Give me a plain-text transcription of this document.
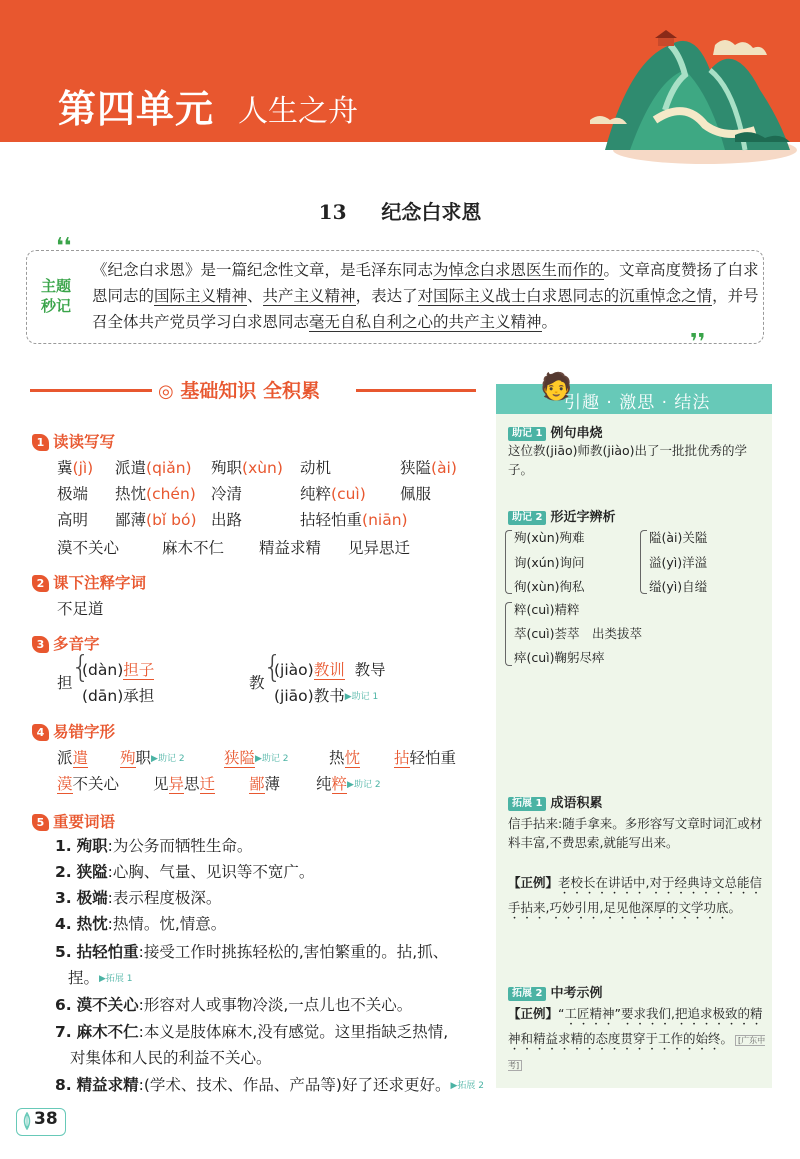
第四单元 人生之舟
13 纪念白求恩
❛❛
❜❜
主题
秒记
《纪念白求恩》是一篇纪念性文章，是毛泽东同志为悼念白求恩医生而作的。文章高度赞扬了白求恩同志的国际主义精神、共产主义精神，表达了对国际主义战士白求恩同志的沉重悼念之情，并号召全体共产党员学习白求恩同志毫无自私自利之心的共产主义精神。
◎ 基础知识 全积累
1 读读写写
冀(jì) 派遣(qiǎn) 殉职(xùn) 动机	狭隘(ài)
极端 热忱(chén) 冷清	纯粹(cuì) 佩服
高明 鄙薄(bǐ bó) 出路	拈轻怕重(niān)
漠不关心	麻木不仁 精益求精 见异思迁
2 课下注释字词
不足道
3 多音字
担
{
(dàn)担子
(dān)承担
教
{
(jiào)教训 教导
(jiāo)教书▶助记 1
4 易错字形
派遣 殉职▶助记 2	狭隘▶助记 2	热忱 拈轻怕重
漠不关心 见异思迁 鄙薄 纯粹▶助记 2
5 重要词语
1. 殉职:为公务而牺牲生命。
2. 狭隘:心胸、气量、见识等不宽广。
3. 极端:表示程度极深。
4. 热忱:热情。忱,情意。
5. 拈轻怕重:接受工作时挑拣轻松的,害怕繁重的。拈,抓、
捏。▶拓展 1
6. 漠不关心:形容对人或事物冷淡,一点儿也不关心。
7. 麻木不仁:本义是肢体麻木,没有感觉。这里指缺乏热情,
对集体和人民的利益不关心。
8. 精益求精:(学术、技术、作品、产品等)好了还求更好。▶拓展 2
🧑
引趣 · 激思 · 结法
助记 1 例句串烧
这位教(jiāo)师教(jiào)出了一批批优秀的学子。
助记 2 形近字辨析
殉(xùn)殉难
询(xún)询问
徇(xùn)徇私
隘(ài)关隘
溢(yì)洋溢
缢(yì)自缢
粹(cuì)精粹
萃(cuì)荟萃　出类拔萃
瘁(cuì)鞠躬尽瘁
拓展 1 成语积累
信手拈来:随手拿来。多形容写文章时词汇或材料丰富,不费思索,就能写出来。
【正例】老校长在讲话中,对于经典诗文总能信手拈来,巧妙引用,足见他深厚的文学功底。
拓展 2 中考示例
【正例】“工匠精神”要求我们,把追求极致的精神和精益求精的态度贯穿于工作的始终。 [广东中考]
38
